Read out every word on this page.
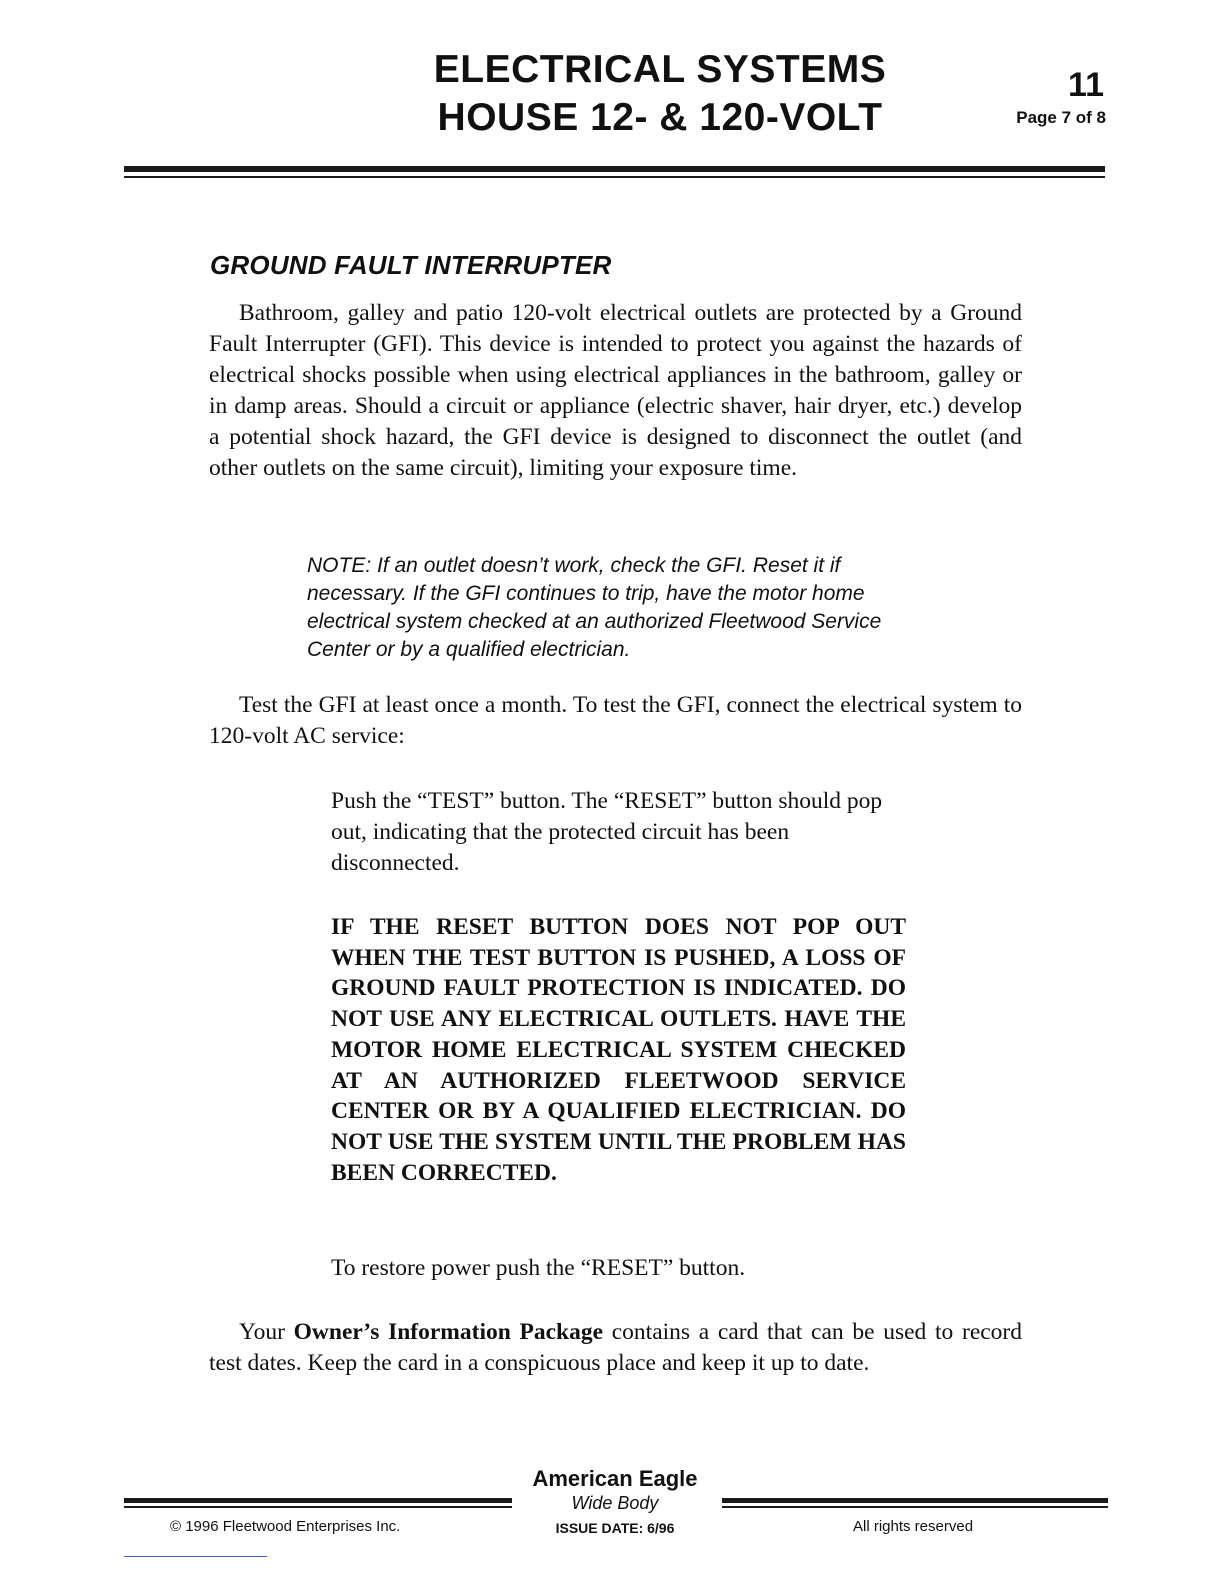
ELECTRICAL SYSTEMS
HOUSE 12- & 120-VOLT
11
Page 7 of 8
GROUND FAULT INTERRUPTER

Bathroom, galley and patio 120-volt electrical outlets are protected by a Ground Fault Interrupter (GFI). This device is intended to protect you against the hazards of electrical shocks possible when using electrical appliances in the bathroom, galley or in damp areas. Should a circuit or appliance (electric shaver, hair dryer, etc.) develop a potential shock hazard, the GFI device is designed to disconnect the outlet (and other outlets on the same circuit), limiting your exposure time.

NOTE: If an outlet doesn’t work, check the GFI. Reset it if necessary. If the GFI continues to trip, have the motor home electrical system checked at an authorized Fleetwood Service Center or by a qualified electrician.

Test the GFI at least once a month. To test the GFI, connect the electrical system to 120-volt AC service:

Push the “TEST” button. The “RESET” button should pop out, indicating that the protected circuit has been disconnected.

IF THE RESET BUTTON DOES NOT POP OUT WHEN THE TEST BUTTON IS PUSHED, A LOSS OF GROUND FAULT PROTECTION IS INDICATED. DO NOT USE ANY ELECTRICAL OUTLETS. HAVE THE MOTOR HOME ELECTRICAL SYSTEM CHECKED AT AN AUTHORIZED FLEETWOOD SERVICE CENTER OR BY A QUALIFIED ELECTRICIAN. DO NOT USE THE SYSTEM UNTIL THE PROBLEM HAS BEEN CORRECTED.

To restore power push the “RESET” button.

Your Owner’s Information Package contains a card that can be used to record test dates. Keep the card in a conspicuous place and keep it up to date.

American Eagle
Wide Body
© 1996 Fleetwood Enterprises Inc.	ISSUE DATE: 6/96	All rights reserved
